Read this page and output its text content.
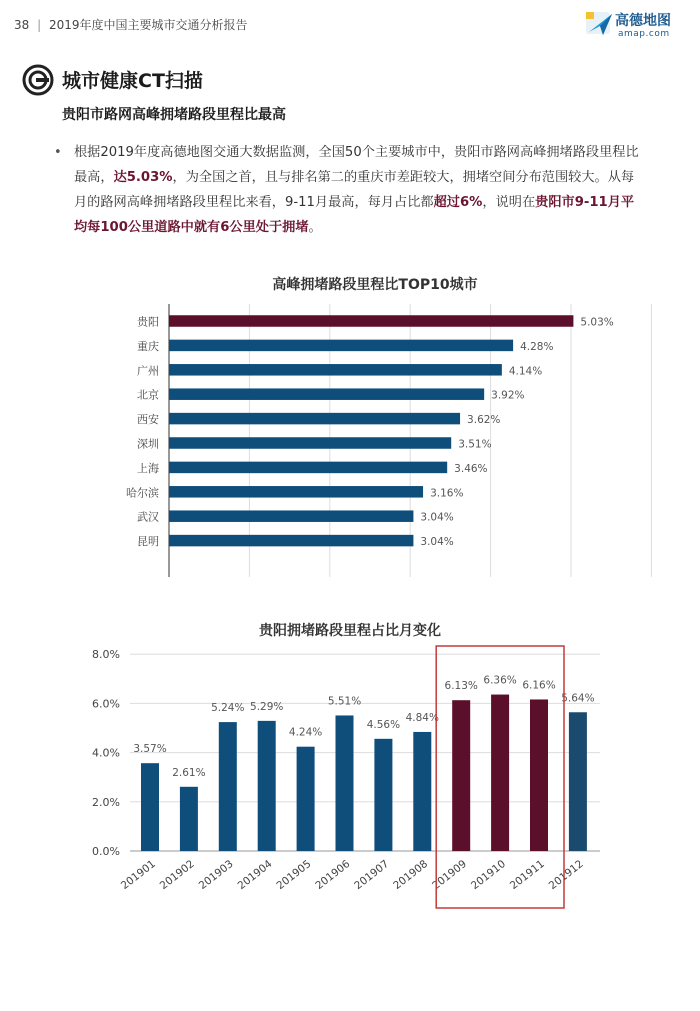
38 | 2019年度中国主要城市交通分析报告	高德地图
amap.com
城市健康CT扫描
贵阳市路网高峰拥堵路段里程比最高
• 根据2019年度高德地图交通大数据监测，全国50个主要城市中，贵阳市路网高峰拥堵路段里程比最高，达5.03%，为全国之首，且与排名第二的重庆市差距较大，拥堵空间分布范围较大。从每月的路网高峰拥堵路段里程比来看，9-11月最高，每月占比都超过6%，说明在贵阳市9-11月平均每100公里道路中就有6公里处于拥堵。
高峰拥堵路段里程比TOP10城市
贵阳	5.03%
重庆	4.28%
广州	4.14%
北京	3.92%
西安	3.62%
深圳	3.51%
上海	3.46%
哈尔滨	3.16%
武汉	3.04%
昆明	3.04%
贵阳拥堵路段里程占比月变化
0.0%
2.0%
4.0%
6.0%
8.0%
3.57%
201901
2.61%
201902
5.24%
201903
5.29%
201904
4.24%
201905
5.51%
201906
4.56%
201907
4.84%
201908
6.13%
201909
6.36%
201910
6.16%
201911
5.64%
201912
